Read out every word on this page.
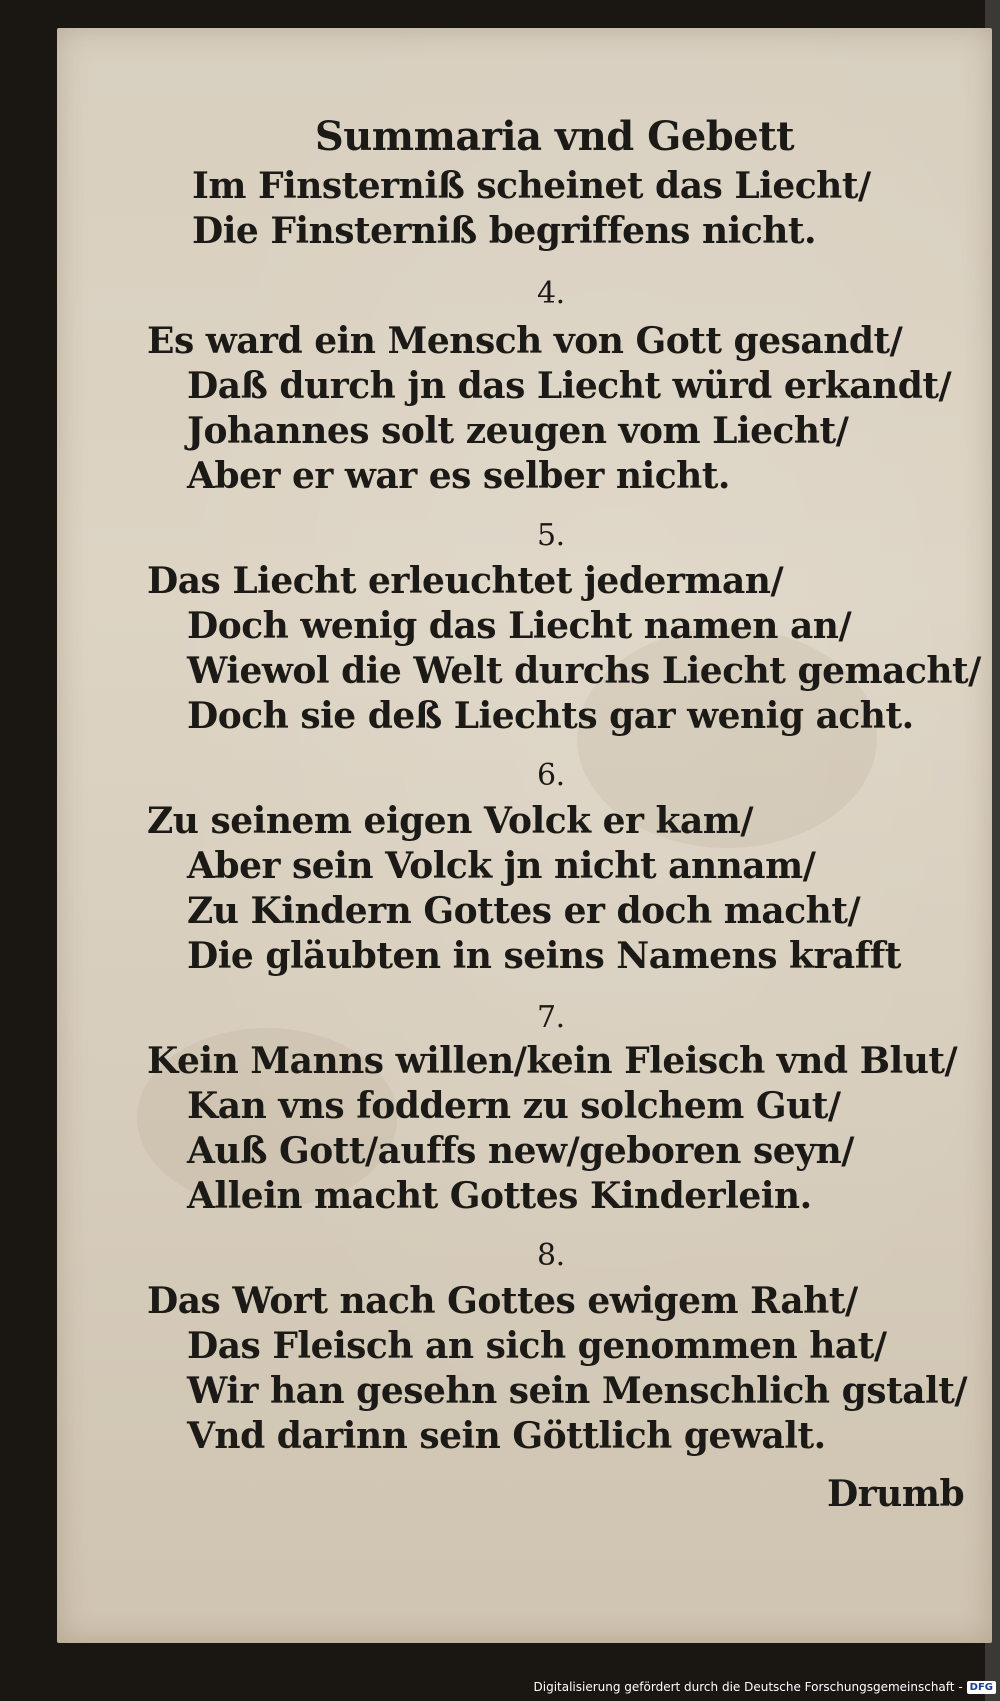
Summaria vnd Gebett
Im Finsterniß scheinet das Liecht/
Die Finsterniß begriffens nicht.
4.
Es ward ein Mensch von Gott gesandt/
Daß durch jn das Liecht würd erkandt/
Johannes solt zeugen vom Liecht/
Aber er war es selber nicht.
5.
Das Liecht erleuchtet jederman/
Doch wenig das Liecht namen an/
Wiewol die Welt durchs Liecht gemacht/
Doch sie deß Liechts gar wenig acht.
6.
Zu seinem eigen Volck er kam/
Aber sein Volck jn nicht annam/
Zu Kindern Gottes er doch macht/
Die gläubten in seins Namens krafft
7.
Kein Manns willen/kein Fleisch vnd Blut/
Kan vns foddern zu solchem Gut/
Auß Gott/auffs new/geboren seyn/
Allein macht Gottes Kinderlein.
8.
Das Wort nach Gottes ewigem Raht/
Das Fleisch an sich genommen hat/
Wir han gesehn sein Menschlich gstalt/
Vnd darinn sein Göttlich gewalt.
Drumb
Digitalisierung gefördert durch die Deutsche Forschungsgemeinschaft - DFG
